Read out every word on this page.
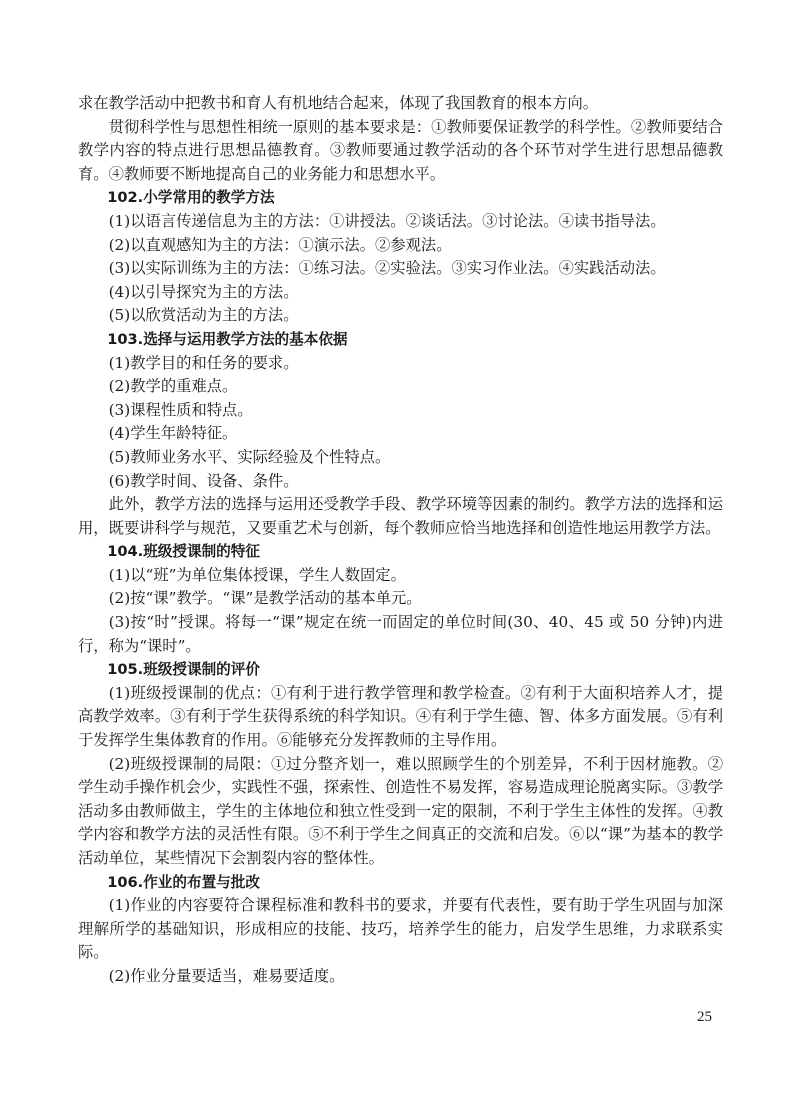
求在教学活动中把教书和育人有机地结合起来，体现了我国教育的根本方向。

贯彻科学性与思想性相统一原则的基本要求是：①教师要保证教学的科学性。②教师要结合教学内容的特点进行思想品德教育。③教师要通过教学活动的各个环节对学生进行思想品德教育。④教师要不断地提高自己的业务能力和思想水平。

102.小学常用的教学方法

(1)以语言传递信息为主的方法：①讲授法。②谈话法。③讨论法。④读书指导法。

(2)以直观感知为主的方法：①演示法。②参观法。

(3)以实际训练为主的方法：①练习法。②实验法。③实习作业法。④实践活动法。

(4)以引导探究为主的方法。

(5)以欣赏活动为主的方法。

103.选择与运用教学方法的基本依据

(1)教学目的和任务的要求。

(2)教学的重难点。

(3)课程性质和特点。

(4)学生年龄特征。

(5)教师业务水平、实际经验及个性特点。

(6)教学时间、设备、条件。

此外，教学方法的选择与运用还受教学手段、教学环境等因素的制约。教学方法的选择和运用，既要讲科学与规范，又要重艺术与创新，每个教师应恰当地选择和创造性地运用教学方法。

104.班级授课制的特征

(1)以“班”为单位集体授课，学生人数固定。

(2)按“课”教学。“课”是教学活动的基本单元。

(3)按“时”授课。将每一“课”规定在统一而固定的单位时间(30、40、45 或 50 分钟)内进行，称为“课时”。

105.班级授课制的评价

(1)班级授课制的优点：①有利于进行教学管理和教学检查。②有利于大面积培养人才，提高教学效率。③有利于学生获得系统的科学知识。④有利于学生德、智、体多方面发展。⑤有利于发挥学生集体教育的作用。⑥能够充分发挥教师的主导作用。

(2)班级授课制的局限：①过分整齐划一，难以照顾学生的个别差异，不利于因材施教。②学生动手操作机会少，实践性不强，探索性、创造性不易发挥，容易造成理论脱离实际。③教学活动多由教师做主，学生的主体地位和独立性受到一定的限制，不利于学生主体性的发挥。④教学内容和教学方法的灵活性有限。⑤不利于学生之间真正的交流和启发。⑥以“课”为基本的教学活动单位，某些情况下会割裂内容的整体性。

106.作业的布置与批改

(1)作业的内容要符合课程标准和教科书的要求，并要有代表性，要有助于学生巩固与加深理解所学的基础知识，形成相应的技能、技巧，培养学生的能力，启发学生思维，力求联系实际。

(2)作业分量要适当，难易要适度。

25
